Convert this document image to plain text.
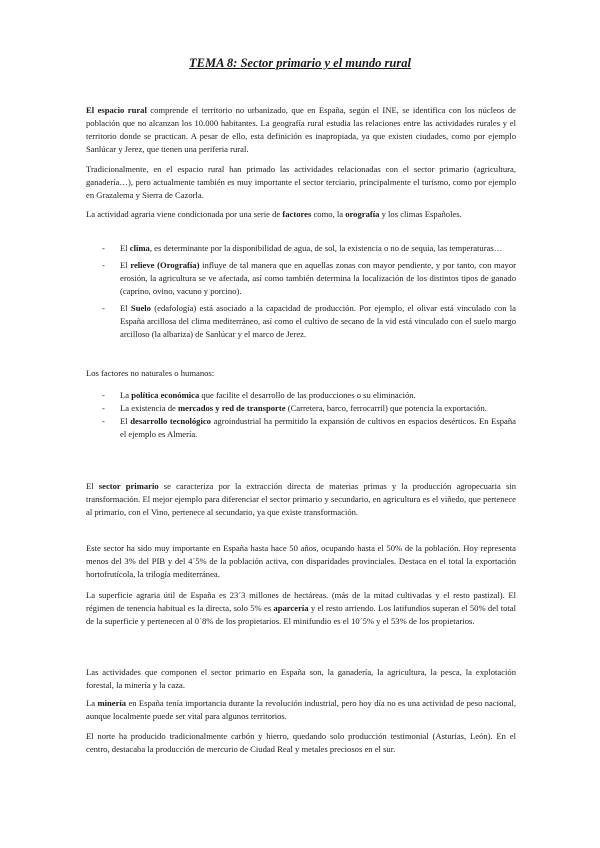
TEMA 8: Sector primario y el mundo rural

El espacio rural comprende el territorio no urbanizado, que en España, según el INE, se identifica con los núcleos de población que no alcanzan los 10.000 habitantes. La geografía rural estudia las relaciones entre las actividades rurales y el territorio donde se practican. A pesar de ello, esta definición es inapropiada, ya que existen ciudades, como por ejemplo Sanlúcar y Jerez, que tienen una periferia rural.

Tradicionalmente, en el espacio rural han primado las actividades relacionadas con el sector primario (agricultura, ganadería…), pero actualmente también es muy importante el sector terciario, principalmente el turismo, como por ejemplo en Grazalema y Sierra de Cazorla.

La actividad agraria viene condicionada por una serie de factores como, la orografía y los climas Españoles.

- El clima, es determinante por la disponibilidad de agua, de sol, la existencia o no de sequía, las temperaturas…
- El relieve (Orografía) influye de tal manera que en aquellas zonas con mayor pendiente, y por tanto, con mayor erosión, la agricultura se ve afectada, así como también determina la localización de los distintos tipos de ganado (caprino, ovino, vacuno y porcino).
- El Suelo (edafología) está asociado a la capacidad de producción. Por ejemplo, el olivar está vinculado con la España arcillosa del clima mediterráneo, así como el cultivo de secano de la vid está vinculado con el suelo margo arcilloso (la albariza) de Sanlúcar y el marco de Jerez.

Los factores no naturales o humanos:

- La política económica que facilite el desarrollo de las producciones o su eliminación.
- La existencia de mercados y red de transporte (Carretera, barco, ferrocarril) que potencia la exportación.
- El desarrollo tecnológico agroindustrial ha permitido la expansión de cultivos en espacios desérticos. En España el ejemplo es Almería.

El sector primario se caracteriza por la extracción directa de materias primas y la producción agropecuaria sin transformación. El mejor ejemplo para diferenciar el sector primario y secundario, en agricultura es el viñedo, que pertenece al primario, con el Vino, pertenece al secundario, ya que existe transformación.

Este sector ha sido muy importante en España hasta hace 50 años, ocupando hasta el 50% de la población. Hoy representa menos del 3% del PIB y del 4´5% de la población activa, con disparidades provinciales. Destaca en el total la exportación hortofrutícola, la trilogía mediterránea.

La superficie agraria útil de España es 23´3 millones de hectáreas. (más de la mitad cultivadas y el resto pastizal). El régimen de tenencia habitual es la directa, solo 5% es aparcería y el resto arriendo. Los latifundios superan el 50% del total de la superficie y pertenecen al 0´8% de los propietarios. El minifundio es el 10´5% y el 53% de los propietarios.

Las actividades que componen el sector primario en España son, la ganadería, la agricultura, la pesca, la explotación forestal, la minería y la caza.

La minería en España tenía importancia durante la revolución industrial, pero hoy día no es una actividad de peso nacional, aunque localmente puede ser vital para algunos territorios.

El norte ha producido tradicionalmente carbón y hierro, quedando solo producción testimonial (Asturias, León). En el centro, destacaba la producción de mercurio de Ciudad Real y metales preciosos en el sur.
